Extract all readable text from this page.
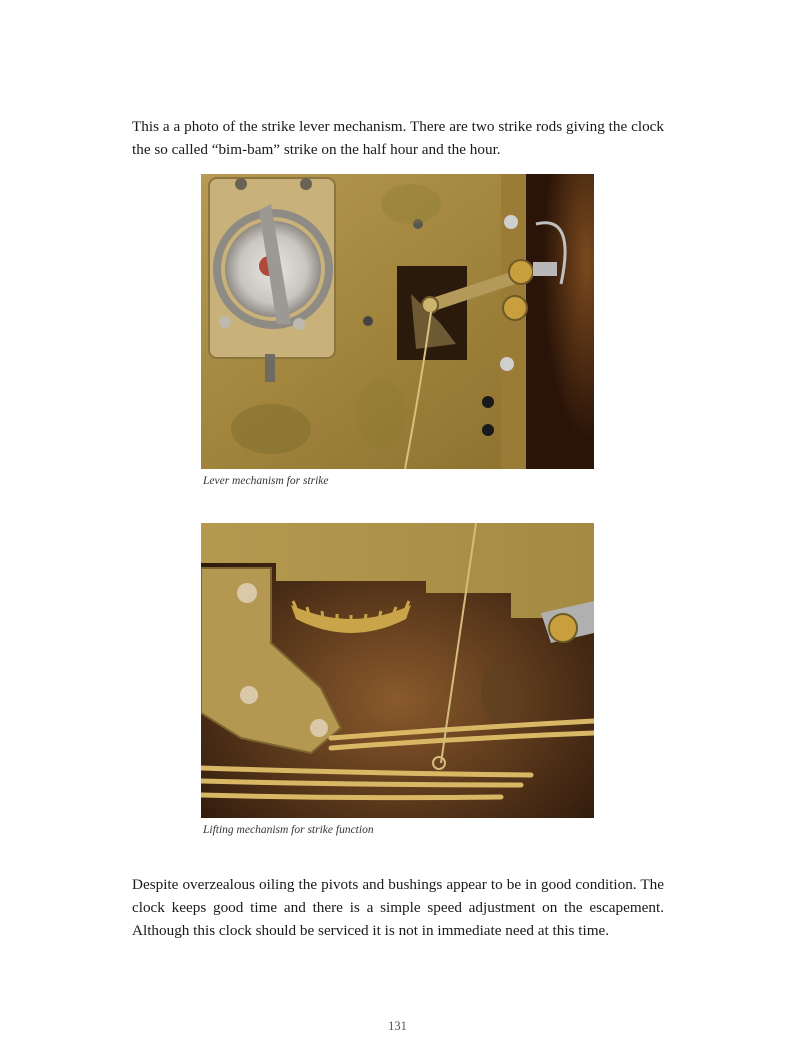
This a a photo of the strike lever mechanism. There are two strike rods giving the clock the so called “bim-bam” strike on the half hour and the hour.

Lever mechanism for strike
Lifting mechanism for strike function

Despite overzealous oiling the pivots and bushings appear to be in good condition. The clock keeps good time and there is a simple speed adjustment on the escapement. Although this clock should be serviced it is not in immediate need at this time.

131
